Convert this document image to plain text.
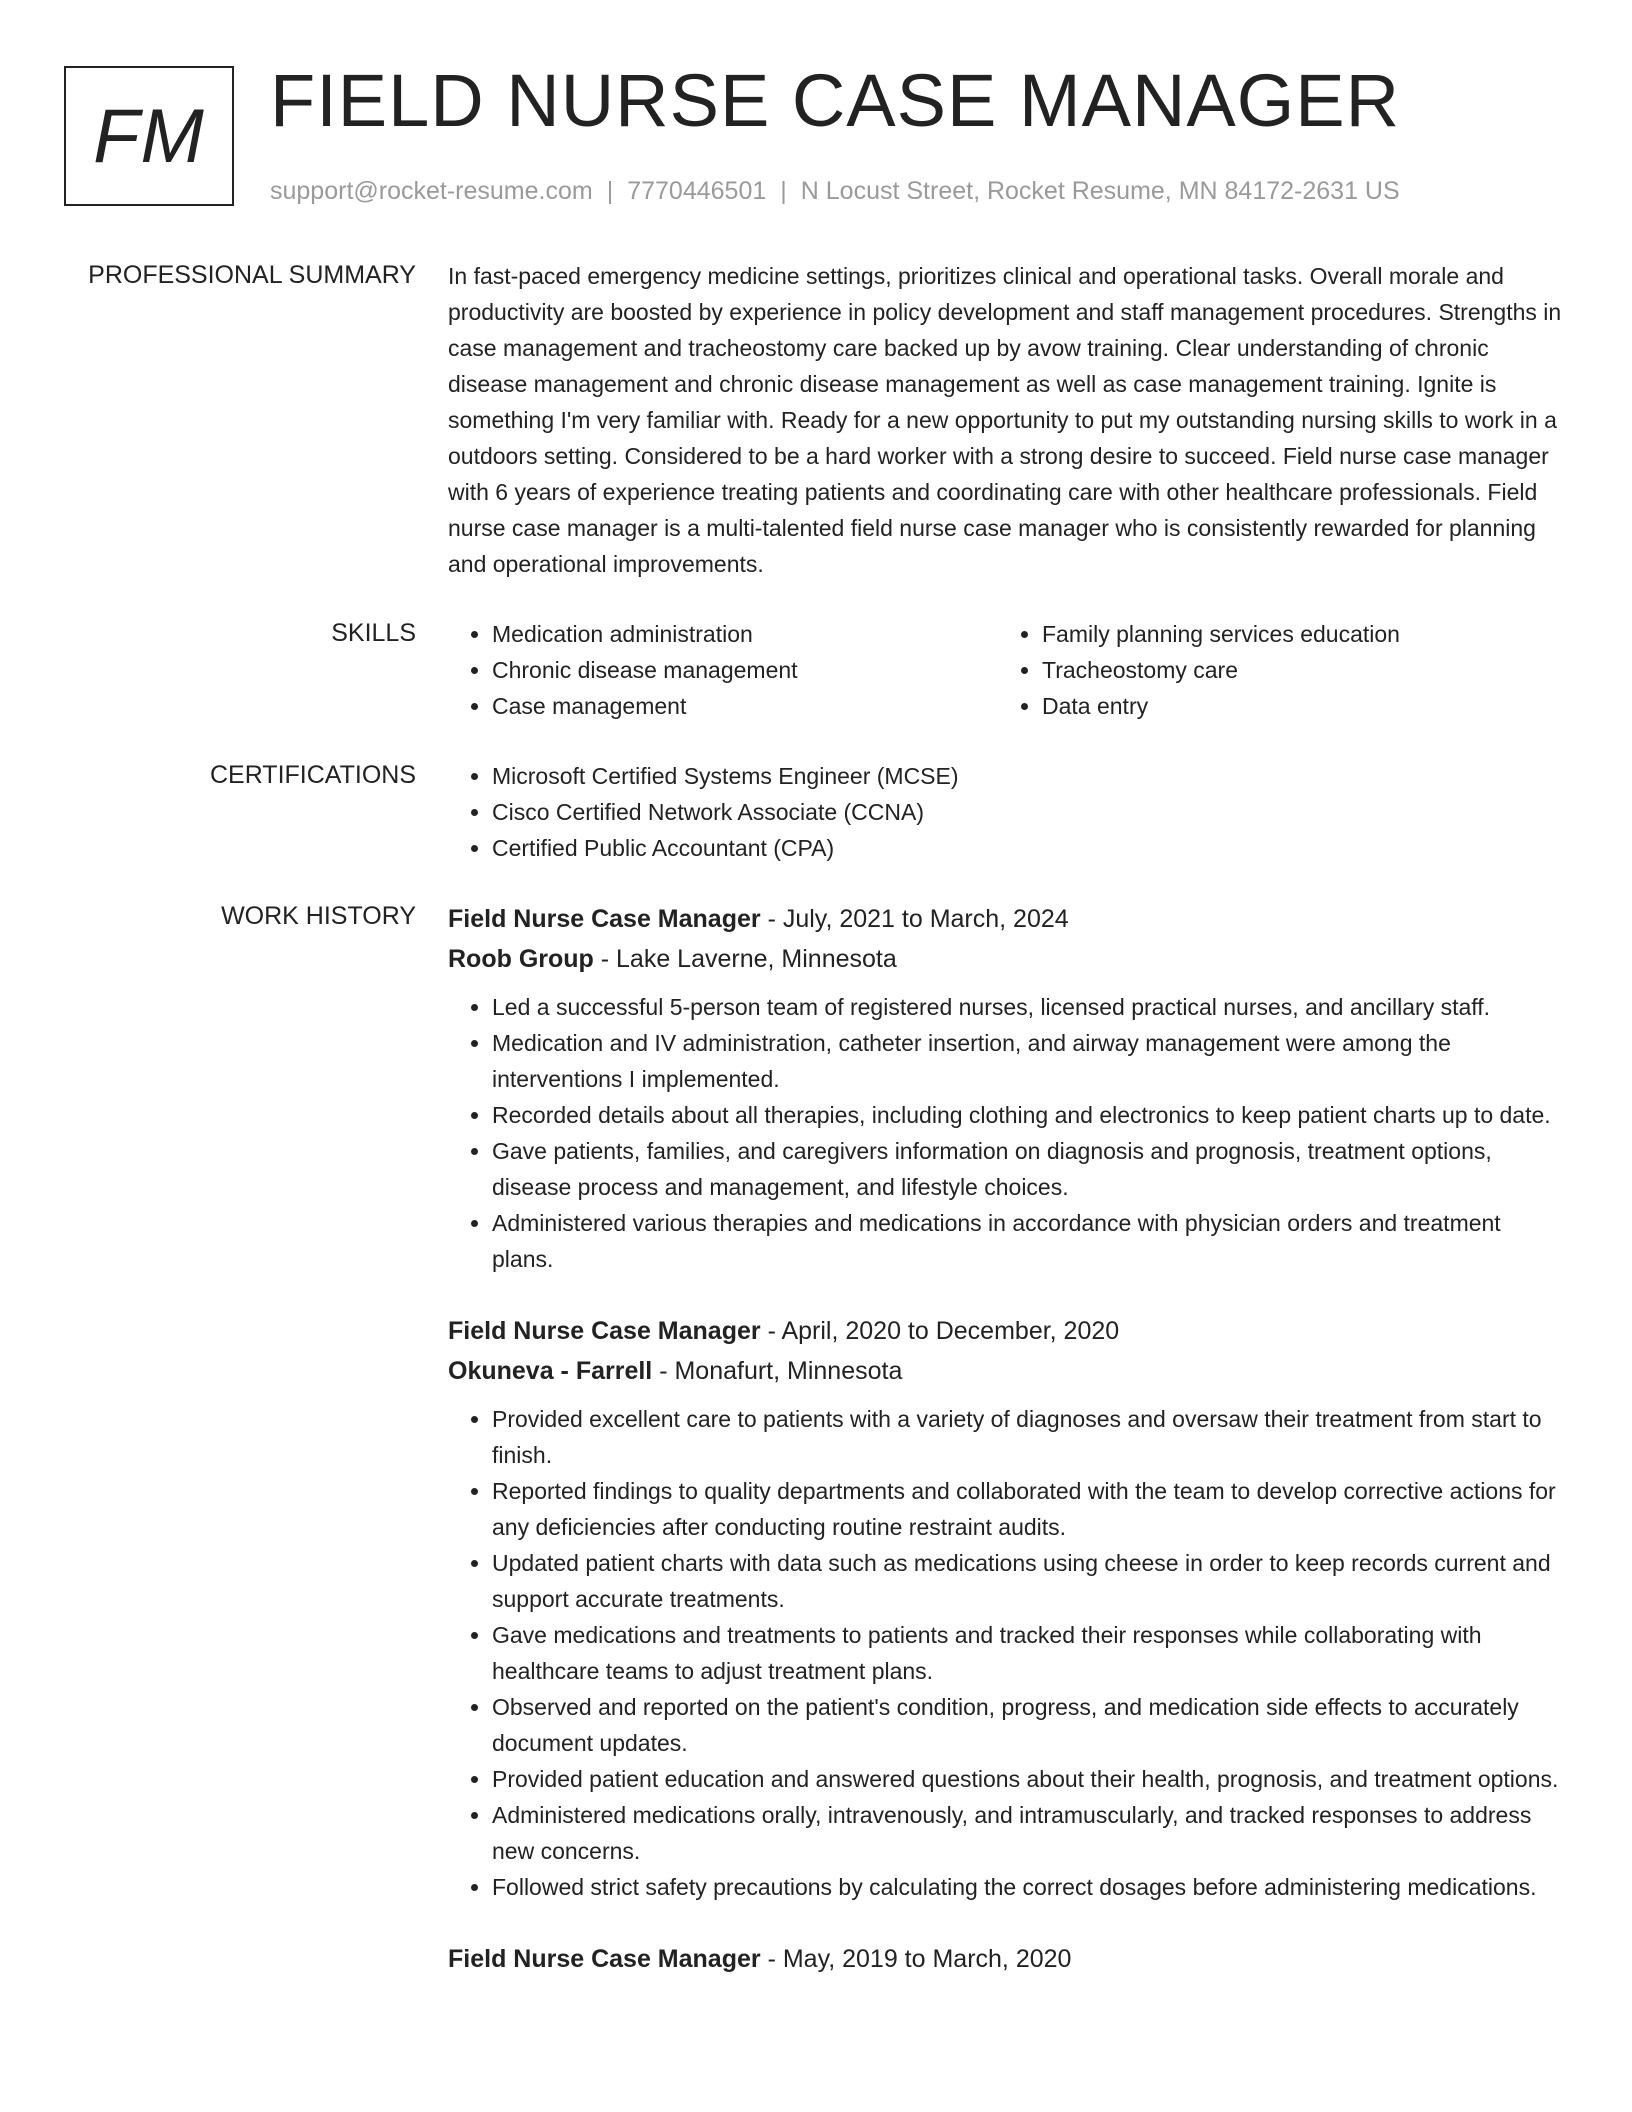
FM FIELD NURSE CASE MANAGER
support@rocket-resume.com | 7770446501 | N Locust Street, Rocket Resume, MN 84172-2631 US
PROFESSIONAL SUMMARY In fast-paced emergency medicine settings, prioritizes clinical and operational tasks. Overall morale and productivity are boosted by experience in policy development and staff management procedures. Strengths in case management and tracheostomy care backed up by avow training. Clear understanding of chronic disease management and chronic disease management as well as case management training. Ignite is something I'm very familiar with. Ready for a new opportunity to put my outstanding nursing skills to work in a outdoors setting. Considered to be a hard worker with a strong desire to succeed. Field nurse case manager with 6 years of experience treating patients and coordinating care with other healthcare professionals. Field nurse case manager is a multi-talented field nurse case manager who is consistently rewarded for planning and operational improvements.

SKILLS	• Medication administration
• Chronic disease management
• Case management
• Family planning services education
• Tracheostomy care
• Data entry
CERTIFICATIONS	• Microsoft Certified Systems Engineer (MCSE)
• Cisco Certified Network Associate (CCNA)
• Certified Public Accountant (CPA)
WORK HISTORY Field Nurse Case Manager - July, 2021 to March, 2024
Roob Group - Lake Laverne, Minnesota
• Led a successful 5-person team of registered nurses, licensed practical nurses, and ancillary staff.
• Medication and IV administration, catheter insertion, and airway management were among the interventions I implemented.
• Recorded details about all therapies, including clothing and electronics to keep patient charts up to date.
• Gave patients, families, and caregivers information on diagnosis and prognosis, treatment options, disease process and management, and lifestyle choices.
• Administered various therapies and medications in accordance with physician orders and treatment plans.
Field Nurse Case Manager - April, 2020 to December, 2020
Okuneva - Farrell - Monafurt, Minnesota
• Provided excellent care to patients with a variety of diagnoses and oversaw their treatment from start to finish.
• Reported findings to quality departments and collaborated with the team to develop corrective actions for any deficiencies after conducting routine restraint audits.
• Updated patient charts with data such as medications using cheese in order to keep records current and support accurate treatments.
• Gave medications and treatments to patients and tracked their responses while collaborating with healthcare teams to adjust treatment plans.
• Observed and reported on the patient's condition, progress, and medication side effects to accurately document updates.
• Provided patient education and answered questions about their health, prognosis, and treatment options.
• Administered medications orally, intravenously, and intramuscularly, and tracked responses to address new concerns.
• Followed strict safety precautions by calculating the correct dosages before administering medications.
Field Nurse Case Manager - May, 2019 to March, 2020
